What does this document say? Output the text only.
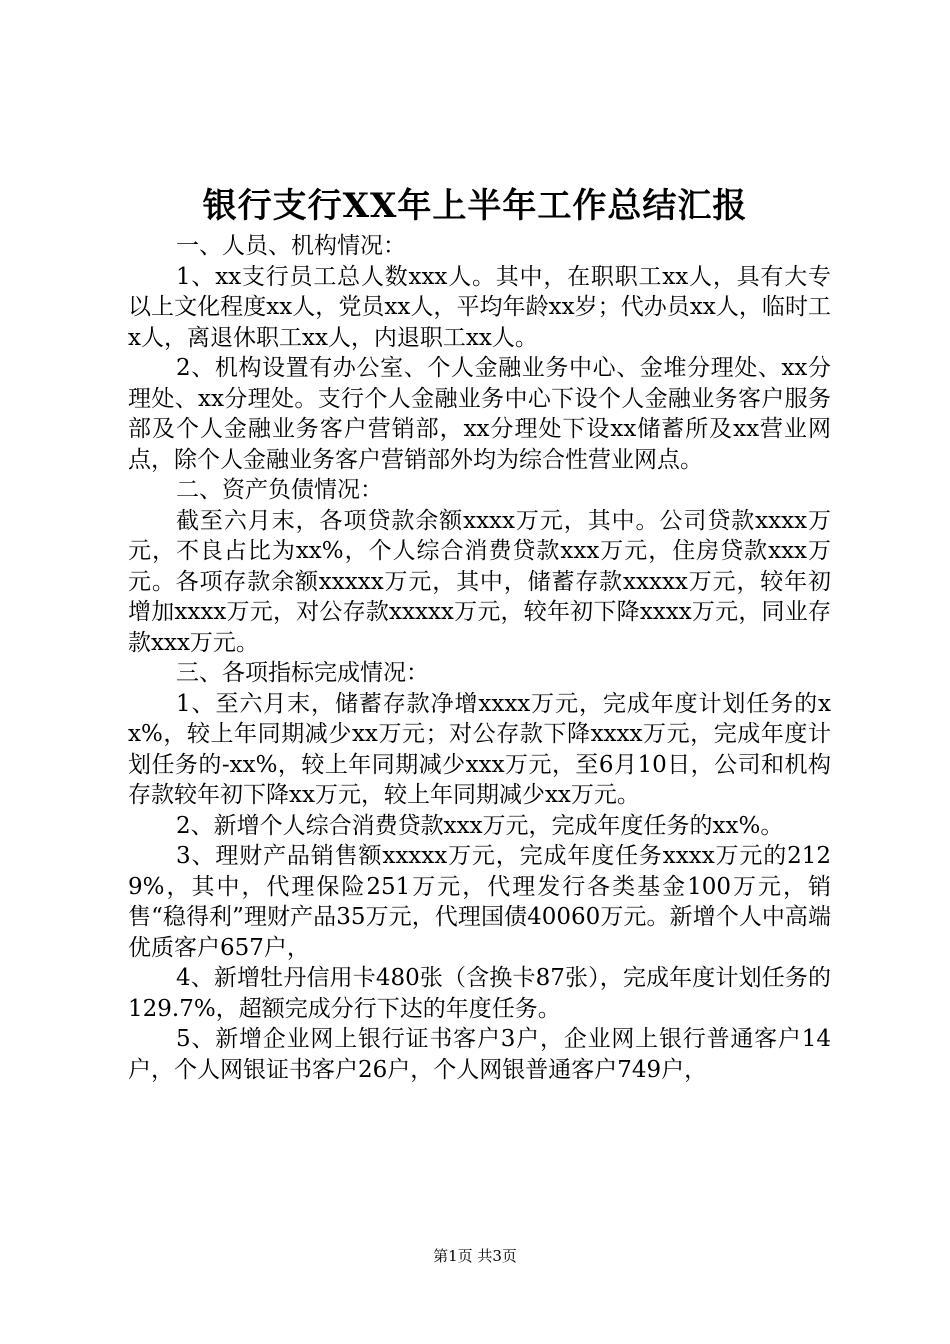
银行支行XX年上半年工作总结汇报

一、人员、机构情况：

1、xx支行员工总人数xxx人。其中，在职职工xx人，具有大专以上文化程度xx人，党员xx人，平均年龄xx岁；代办员xx人，临时工x人，离退休职工xx人，内退职工xx人。

2、机构设置有办公室、个人金融业务中心、金堆分理处、xx分理处、xx分理处。支行个人金融业务中心下设个人金融业务客户服务部及个人金融业务客户营销部，xx分理处下设xx储蓄所及xx营业网点，除个人金融业务客户营销部外均为综合性营业网点。

二、资产负债情况：

截至六月末，各项贷款余额xxxx万元，其中。公司贷款xxxx万元，不良占比为xx%，个人综合消费贷款xxx万元，住房贷款xxx万元。各项存款余额xxxxx万元，其中，储蓄存款xxxxx万元，较年初增加xxxx万元，对公存款xxxxx万元，较年初下降xxxx万元，同业存款xxx万元。

三、各项指标完成情况：

1、至六月末，储蓄存款净增xxxx万元，完成年度计划任务的xx%，较上年同期减少xx万元；对公存款下降xxxx万元，完成年度计划任务的-xx%，较上年同期减少xxx万元，至6月10日，公司和机构存款较年初下降xx万元，较上年同期减少xx万元。

2、新增个人综合消费贷款xxx万元，完成年度任务的xx%。

3、理财产品销售额xxxxx万元，完成年度任务xxxx万元的2129%，其中，代理保险251万元，代理发行各类基金100万元，销售“稳得利”理财产品35万元，代理国债40060万元。新增个人中高端优质客户657户，

4、新增牡丹信用卡480张（含换卡87张），完成年度计划任务的129.7%，超额完成分行下达的年度任务。

5、新增企业网上银行证书客户3户，企业网上银行普通客户14户，个人网银证书客户26户，个人网银普通客户749户，

第1页 共3页
